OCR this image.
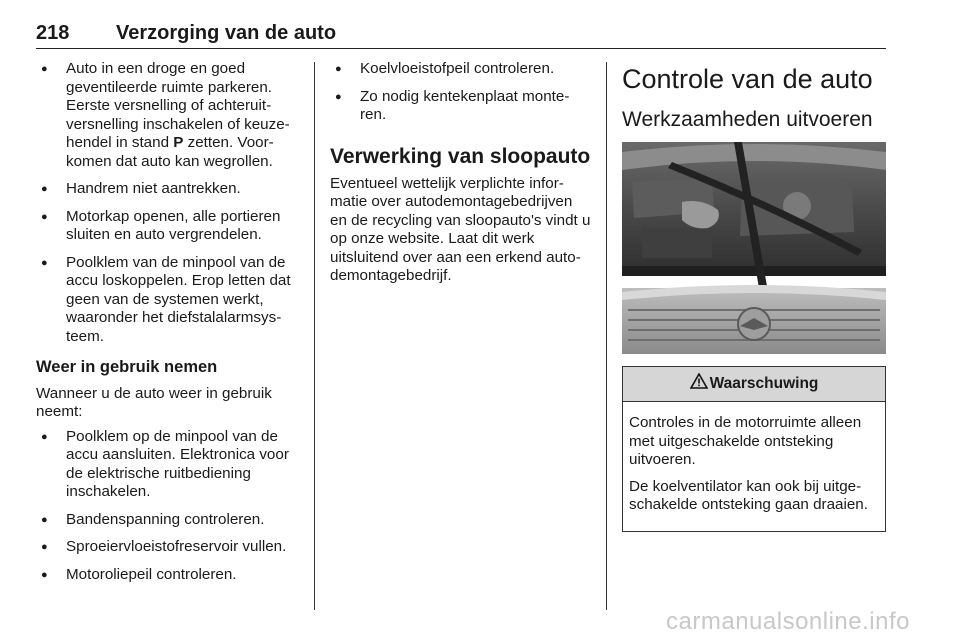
218 Verzorging van de auto
● Auto in een droge en goed geventileerde ruimte parkeren. Eerste versnelling of achteruit- versnelling inschakelen of keuze- hendel in stand P zetten. Voor- komen dat auto kan wegrollen.
● Handrem niet aantrekken.
● Motorkap openen, alle portieren sluiten en auto vergrendelen.
● Poolklem van de minpool van de accu loskoppelen. Erop letten dat geen van de systemen werkt, waaronder het diefstalalarmsys- teem.
Weer in gebruik nemen

Wanneer u de auto weer in gebruik neemt:

● Poolklem op de minpool van de accu aansluiten. Elektronica voor de elektrische ruitbediening inschakelen.
● Bandenspanning controleren.
● Sproeiervloeistofreservoir vullen.
● Motoroliepeil controleren.
● Koelvloeistofpeil controleren.
● Zo nodig kentekenplaat monte- ren.
Verwerking van sloopauto

Eventueel wettelijk verplichte infor- matie over autodemontagebedrijven en de recycling van sloopauto's vindt u op onze website. Laat dit werk uitsluitend over aan een erkend auto- demontagebedrijf.

Controle van de auto
Werkzaamheden uitvoeren
Waarschuwing

Controles in de motorruimte alleen met uitgeschakelde ontsteking uitvoeren.

De koelventilator kan ook bij uitge- schakelde ontsteking gaan draaien.

carmanualsonline.info
